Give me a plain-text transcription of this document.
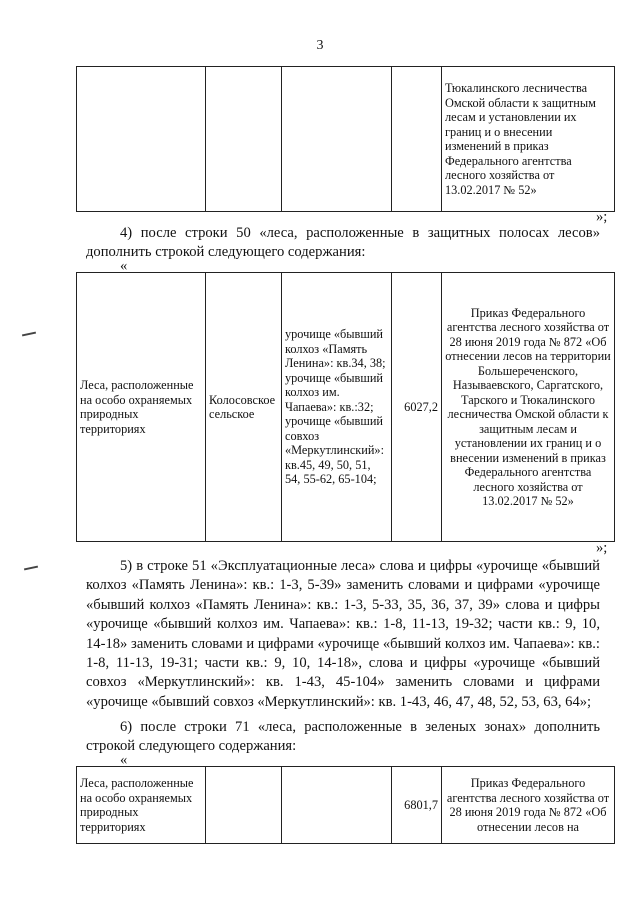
3
				Тюкалинского лесничества Омской области к защитным лесам и установлении их границ и о внесении изменений в приказ Федерального агентства лесного хозяйства от 13.02.2017 № 52»
»;
4) после строки 50 «леса, расположенные в защитных полосах лесов» дополнить строкой следующего содержания:
«
Леса, расположенные на особо охраняемых природных территориях	Колосовское сельское	урочище «бывший колхоз «Память Ленина»: кв.34, 38; урочище «бывший колхоз им. Чапаева»: кв.:32; урочище «бывший совхоз «Меркутлинский»: кв.45, 49, 50, 51, 54, 55-62, 65-104;	6027,2	Приказ Федерального агентства лесного хозяйства от 28 июня 2019 года № 872 «Об отнесении лесов на территории Большереченского, Называевского, Саргатского, Тарского и Тюкалинского лесничества Омской области к защитным лесам и установлении их границ и о внесении изменений в приказ Федерального агентства лесного хозяйства от 13.02.2017 № 52»
»;
5) в строке 51 «Эксплуатационные леса» слова и цифры «урочище «бывший колхоз «Память Ленина»: кв.: 1-3, 5-39» заменить словами и цифрами «урочище «бывший колхоз «Память Ленина»: кв.: 1-3, 5-33, 35, 36, 37, 39» слова и цифры «урочище «бывший колхоз им. Чапаева»: кв.: 1-8, 11-13, 19-32; части кв.: 9, 10, 14-18» заменить словами и цифрами «урочище «бывший колхоз им. Чапаева»: кв.: 1-8, 11-13, 19-31; части кв.: 9, 10, 14-18», слова и цифры «урочище «бывший совхоз «Меркутлинский»: кв. 1-43, 45-104» заменить словами и цифрами «урочище «бывший совхоз «Меркутлинский»: кв. 1-43, 46, 47, 48, 52, 53, 63, 64»;
6) после строки 71 «леса, расположенные в зеленых зонах» дополнить строкой следующего содержания:
«
Леса, расположенные на особо охраняемых природных территориях			6801,7	Приказ Федерального агентства лесного хозяйства от 28 июня 2019 года № 872 «Об отнесении лесов на
